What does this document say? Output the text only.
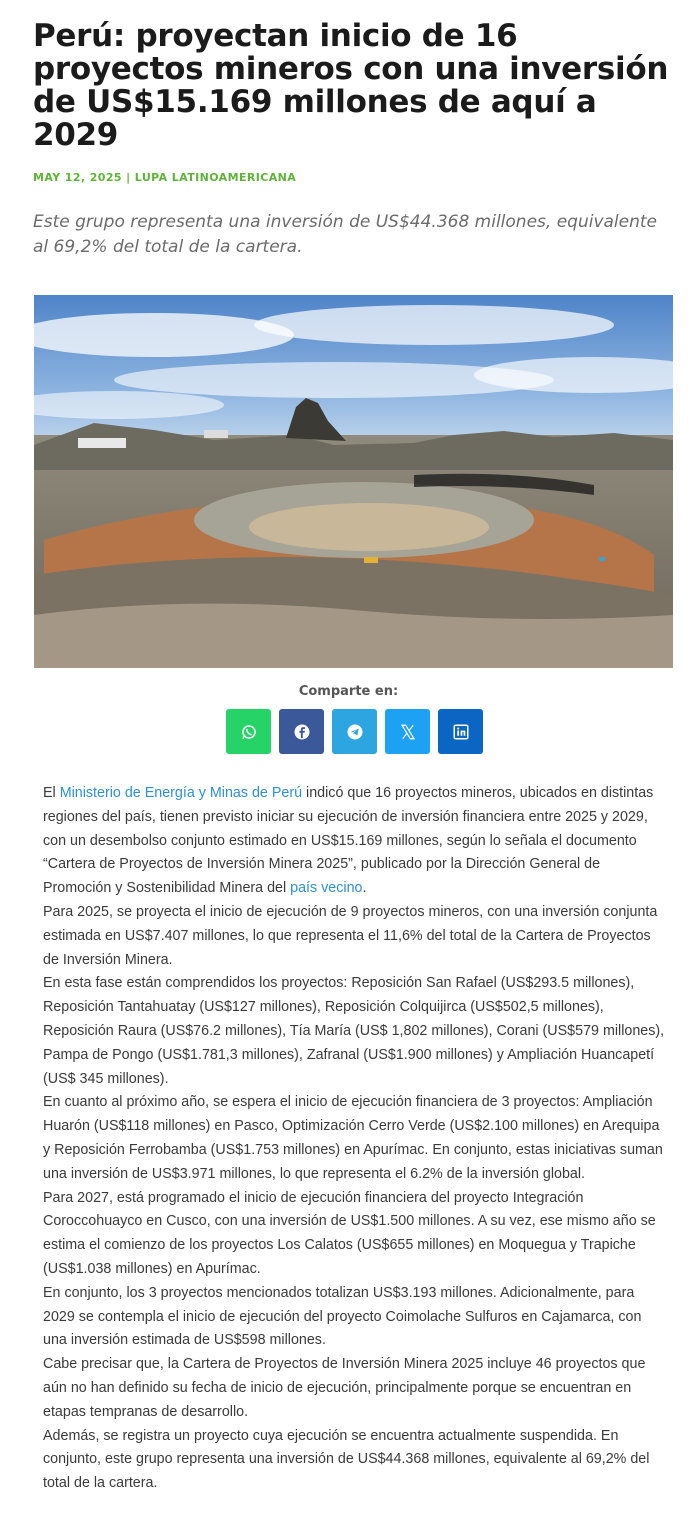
Perú: proyectan inicio de 16 proyectos mineros con una inversión de US$15.169 millones de aquí a 2029
MAY 12, 2025 | LUPA LATINOAMERICANA

Este grupo representa una inversión de US$44.368 millones, equivalente al 69,2% del total de la cartera.

Comparte en:

El Ministerio de Energía y Minas de Perú indicó que 16 proyectos mineros, ubicados en distintas regiones del país, tienen previsto iniciar su ejecución de inversión financiera entre 2025 y 2029, con un desembolso conjunto estimado en US$15.169 millones, según lo señala el documento “Cartera de Proyectos de Inversión Minera 2025”, publicado por la Dirección General de Promoción y Sostenibilidad Minera del país vecino.

Para 2025, se proyecta el inicio de ejecución de 9 proyectos mineros, con una inversión conjunta estimada en US$7.407 millones, lo que representa el 11,6% del total de la Cartera de Proyectos de Inversión Minera.

En esta fase están comprendidos los proyectos: Reposición San Rafael (US$293.5 millones), Reposición Tantahuatay (US$127 millones), Reposición Colquijirca (US$502,5 millones), Reposición Raura (US$76.2 millones), Tía María (US$ 1,802 millones), Corani (US$579 millones), Pampa de Pongo (US$1.781,3 millones), Zafranal (US$1.900 millones) y Ampliación Huancapetí (US$ 345 millones).

En cuanto al próximo año, se espera el inicio de ejecución financiera de 3 proyectos: Ampliación Huarón (US$118 millones) en Pasco, Optimización Cerro Verde (US$2.100 millones) en Arequipa y Reposición Ferrobamba (US$1.753 millones) en Apurímac. En conjunto, estas iniciativas suman una inversión de US$3.971 millones, lo que representa el 6.2% de la inversión global.

Para 2027, está programado el inicio de ejecución financiera del proyecto Integración Coroccohuayco en Cusco, con una inversión de US$1.500 millones. A su vez, ese mismo año se estima el comienzo de los proyectos Los Calatos (US$655 millones) en Moquegua y Trapiche (US$1.038 millones) en Apurímac.

En conjunto, los 3 proyectos mencionados totalizan US$3.193 millones. Adicionalmente, para 2029 se contempla el inicio de ejecución del proyecto Coimolache Sulfuros en Cajamarca, con una inversión estimada de US$598 millones.

Cabe precisar que, la Cartera de Proyectos de Inversión Minera 2025 incluye 46 proyectos que aún no han definido su fecha de inicio de ejecución, principalmente porque se encuentran en etapas tempranas de desarrollo.

Además, se registra un proyecto cuya ejecución se encuentra actualmente suspendida. En conjunto, este grupo representa una inversión de US$44.368 millones, equivalente al 69,2% del total de la cartera.
